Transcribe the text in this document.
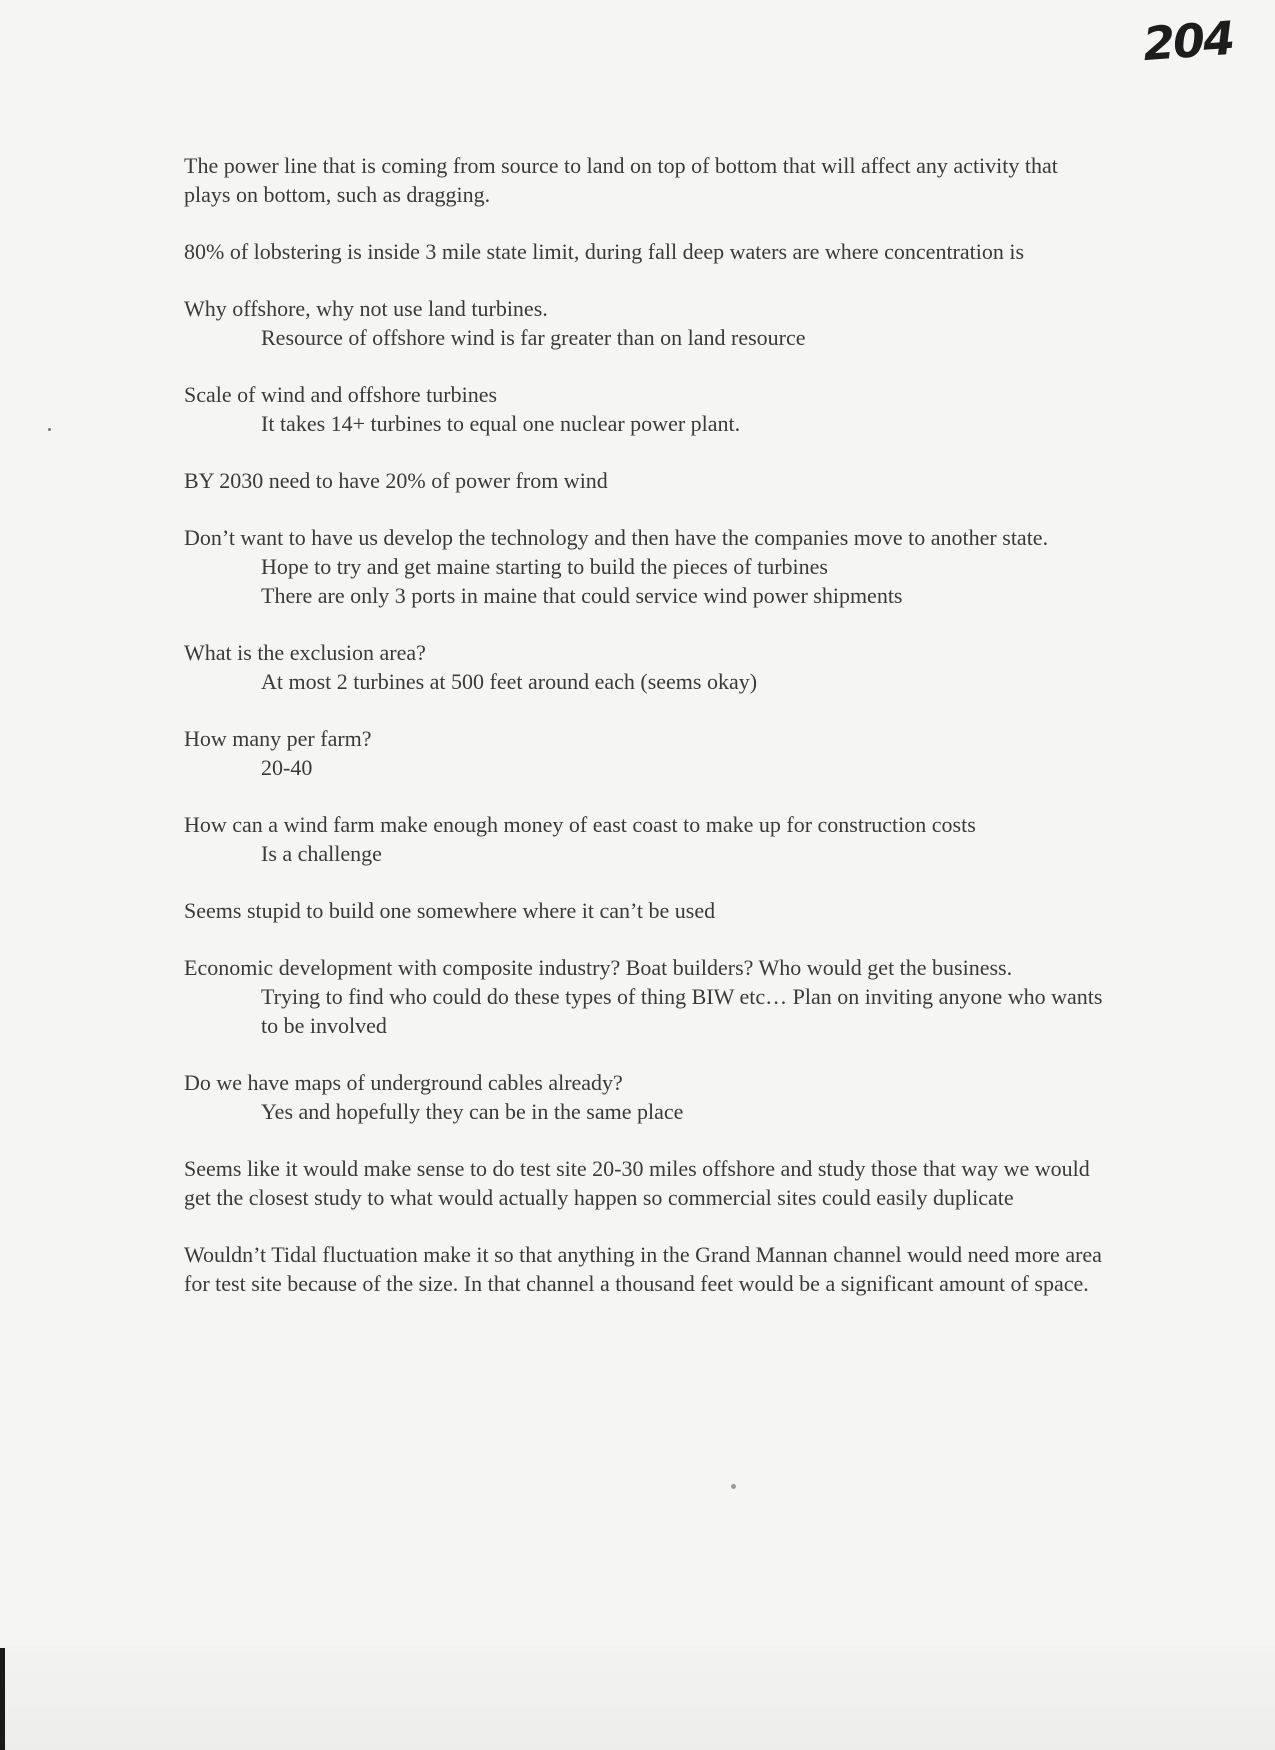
204

The power line that is coming from source to land on top of bottom that will affect any activity that plays on bottom, such as dragging.

80% of lobstering is inside 3 mile state limit, during fall deep waters are where concentration is

Why offshore, why not use land turbines.

Resource of offshore wind is far greater than on land resource

Scale of wind and offshore turbines

It takes 14+ turbines to equal one nuclear power plant.

BY 2030 need to have 20% of power from wind

Don’t want to have us develop the technology and then have the companies move to another state.

Hope to try and get maine starting to build the pieces of turbines

There are only 3 ports in maine that could service wind power shipments

What is the exclusion area?

At most 2 turbines at 500 feet around each (seems okay)

How many per farm?

20-40

How can a wind farm make enough money of east coast to make up for construction costs

Is a challenge

Seems stupid to build one somewhere where it can’t be used

Economic development with composite industry? Boat builders? Who would get the business.

Trying to find who could do these types of thing BIW etc… Plan on inviting anyone who wants to be involved

Do we have maps of underground cables already?

Yes and hopefully they can be in the same place

Seems like it would make sense to do test site 20-30 miles offshore and study those that way we would get the closest study to what would actually happen so commercial sites could easily duplicate

Wouldn’t Tidal fluctuation make it so that anything in the Grand Mannan channel would need more area for test site because of the size. In that channel a thousand feet would be a significant amount of space.
